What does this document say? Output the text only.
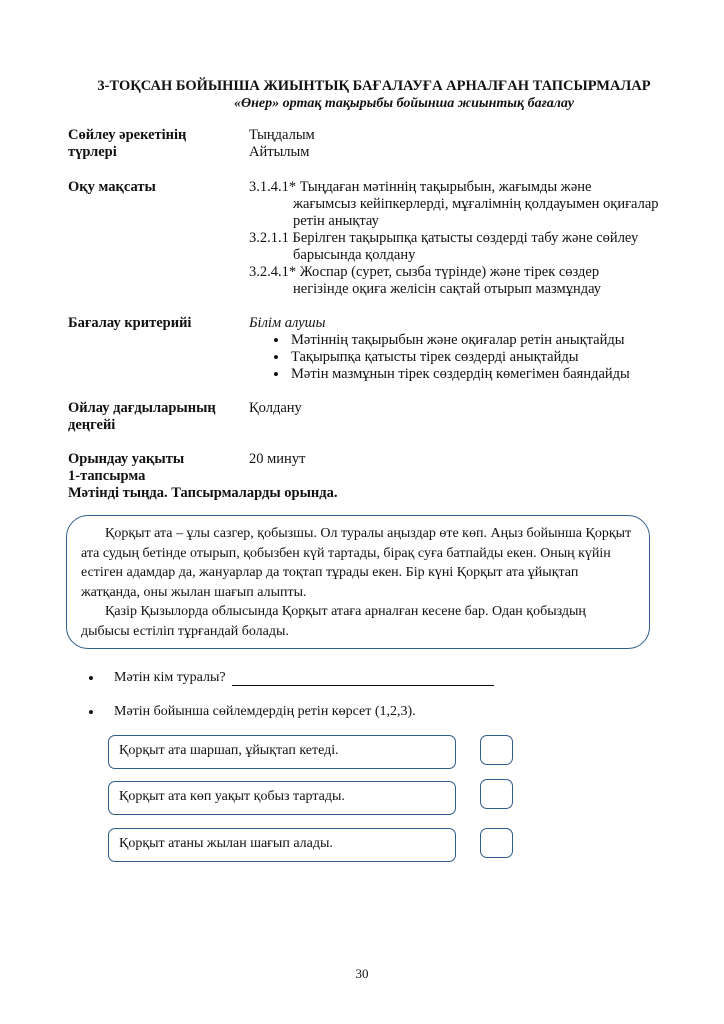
3-ТОҚСАН БОЙЫНША ЖИЫНТЫҚ БАҒАЛАУҒА АРНАЛҒАН ТАПСЫРМАЛАР
«Өнер» ортақ тақырыбы бойынша жиынтық бағалау
Сөйлеу әрекетінің
түрлері
Тыңдалым
Айтылым
Оқу мақсаты	3.1.4.1* Тыңдаған мәтіннің тақырыбын, жағымды және
жағымсыз кейіпкерлерді, мұғалімнің қолдауымен оқиғалар ретін анықтау
3.2.1.1 Берілген тақырыпқа қатысты сөздерді табу және сөйлеу
барысында қолдану
3.2.4.1* Жоспар (сурет, сызба түрінде) және тірек сөздер
негізінде оқиға желісін сақтай отырып мазмұндау
Бағалау критерийі	Білім алушы
• Мәтіннің тақырыбын және оқиғалар ретін анықтайды
• Тақырыпқа қатысты тірек сөздерді анықтайды
• Мәтін мазмұнын тірек сөздердің көмегімен баяндайды
Ойлау дағдыларының
деңгейі
Қолдану
Орындау уақыты
1-тапсырма
Мәтінді тыңда. Тапсырмаларды орында.
20 минут

Қорқыт ата – ұлы сазгер, қобызшы. Ол туралы аңыздар өте көп. Аңыз бойынша Қорқыт ата судың бетінде отырып, қобызбен күй тартады, бірақ суға батпайды екен. Оның күйін естіген адамдар да, жануарлар да тоқтап тұрады екен. Бір күні Қорқыт ата ұйықтап жатқанда, оны жылан шағып алыпты.

Қазір Қызылорда облысында Қорқыт атаға арналған кесене бар. Одан қобыздың дыбысы естіліп тұрғандай болады.

• Мәтін кім туралы?
• Мәтін бойынша сөйлемдердің ретін көрсет (1,2,3).
Қорқыт ата шаршап, ұйықтап кетеді.
Қорқыт ата көп уақыт қобыз тартады.
Қорқыт атаны жылан шағып алады.
30
